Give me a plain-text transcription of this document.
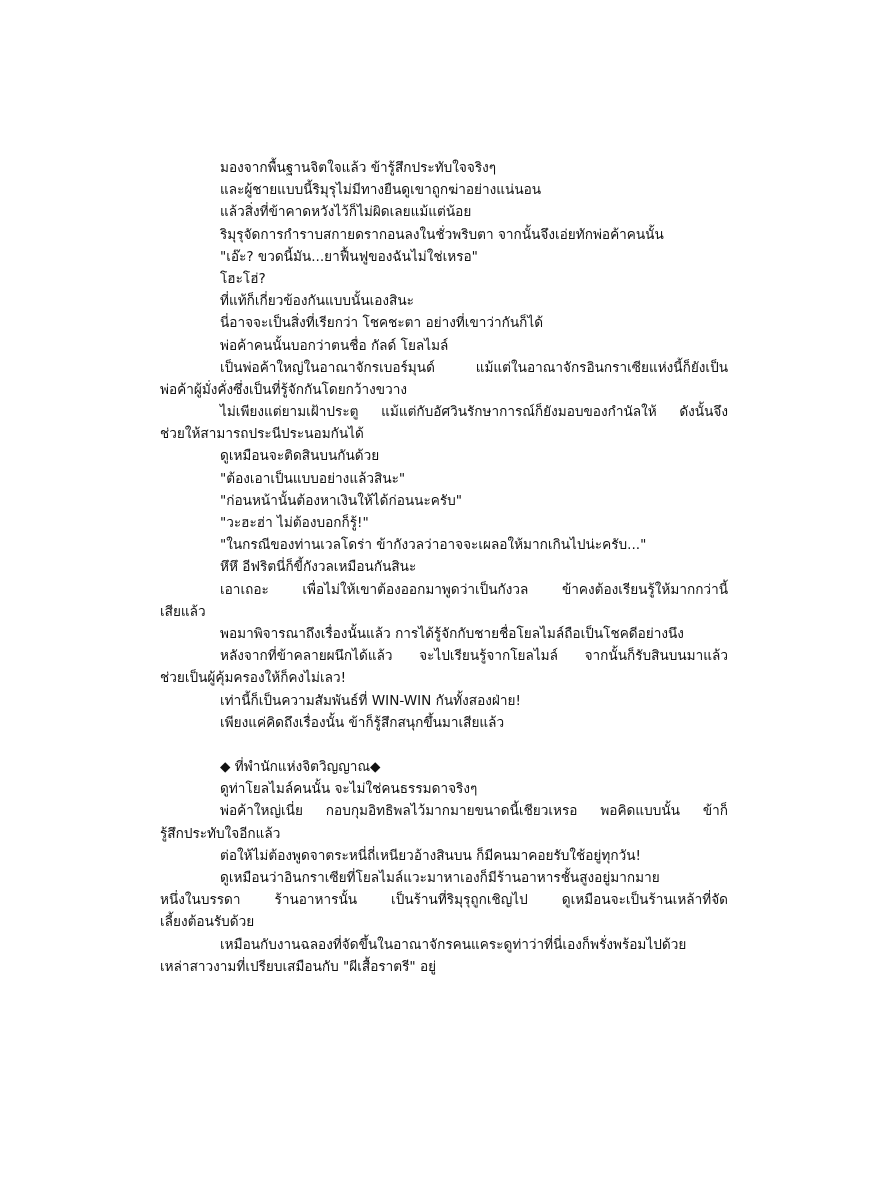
มองจากพื้นฐานจิตใจแล้ว ข้ารู้สึกประทับใจจริงๆ
และผู้ชายแบบนี้ริมุรุไม่มีทางยืนดูเขาถูกฆ่าอย่างแน่นอน
แล้วสิ่งที่ข้าคาดหวังไว้ก็ไม่ผิดเลยแม้แต่น้อย
ริมุรุจัดการกำราบสกายดรากอนลงในชั่วพริบตา จากนั้นจึงเอ่ยทักพ่อค้าคนนั้น
"เอ๊ะ? ขวดนี้มัน...ยาฟื้นฟูของฉันไม่ใช่เหรอ"
โฮะโฮ่?
ที่แท้ก็เกี่ยวข้องกันแบบนั้นเองสินะ
นี่อาจจะเป็นสิ่งที่เรียกว่า โชคชะตา อย่างที่เขาว่ากันก็ได้
พ่อค้าคนนั้นบอกว่าตนชื่อ กัลด์ โยลไมล์
เป็นพ่อค้าใหญ่ในอาณาจักรเบอร์มุนด์ แม้แต่ในอาณาจักรอินกราเซียแห่งนี้ก็ยังเป็น
พ่อค้าผู้มั่งคั่งซึ่งเป็นที่รู้จักกันโดยกว้างขวาง
ไม่เพียงแต่ยามเฝ้าประตู แม้แต่กับอัศวินรักษาการณ์ก็ยังมอบของกำนัลให้ ดังนั้นจึง
ช่วยให้สามารถประนีประนอมกันได้
ดูเหมือนจะติดสินบนกันด้วย
"ต้องเอาเป็นแบบอย่างแล้วสินะ"
"ก่อนหน้านั้นต้องหาเงินให้ได้ก่อนนะครับ"
"วะฮะฮ่า ไม่ต้องบอกก็รู้!"
"ในกรณีของท่านเวลโดร่า ข้ากังวลว่าอาจจะเผลอให้มากเกินไปน่ะครับ..."
หึหึ อีฟริตนี่ก็ขี้กังวลเหมือนกันสินะ
เอาเถอะ เพื่อไม่ให้เขาต้องออกมาพูดว่าเป็นกังวล ข้าคงต้องเรียนรู้ให้มากกว่านี้
เสียแล้ว
พอมาพิจารณาถึงเรื่องนั้นแล้ว การได้รู้จักกับชายชื่อโยลไมล์ถือเป็นโชคดีอย่างนึง
หลังจากที่ข้าคลายผนึกได้แล้ว จะไปเรียนรู้จากโยลไมล์ จากนั้นก็รับสินบนมาแล้ว
ช่วยเป็นผู้คุ้มครองให้ก็คงไม่เลว!
เท่านี้ก็เป็นความสัมพันธ์ที่ WIN-WIN กันทั้งสองฝ่าย!
เพียงแค่คิดถึงเรื่องนั้น ข้าก็รู้สึกสนุกขึ้นมาเสียแล้ว
◆ ที่พำนักแห่งจิตวิญญาณ◆
ดูท่าโยลไมล์คนนั้น จะไม่ใช่คนธรรมดาจริงๆ
พ่อค้าใหญ่เนี่ย กอบกุมอิทธิพลไว้มากมายขนาดนี้เชียวเหรอ พอคิดแบบนั้น ข้าก็
รู้สึกประทับใจอีกแล้ว
ต่อให้ไม่ต้องพูดจาตระหนี่ถี่เหนียวอ้างสินบน ก็มีคนมาคอยรับใช้อยู่ทุกวัน!
ดูเหมือนว่าอินกราเซียที่โยลไมล์แวะมาหาเองก็มีร้านอาหารชั้นสูงอยู่มากมาย
หนึ่งในบรรดา ร้านอาหารนั้น เป็นร้านที่ริมุรุถูกเชิญไป ดูเหมือนจะเป็นร้านเหล้าที่จัด
เลี้ยงต้อนรับด้วย
เหมือนกับงานฉลองที่จัดขึ้นในอาณาจักรคนแคระดูท่าว่าที่นี่เองก็พรั่งพร้อมไปด้วย
เหล่าสาวงามที่เปรียบเสมือนกับ "ผีเสื้อราตรี" อยู่
